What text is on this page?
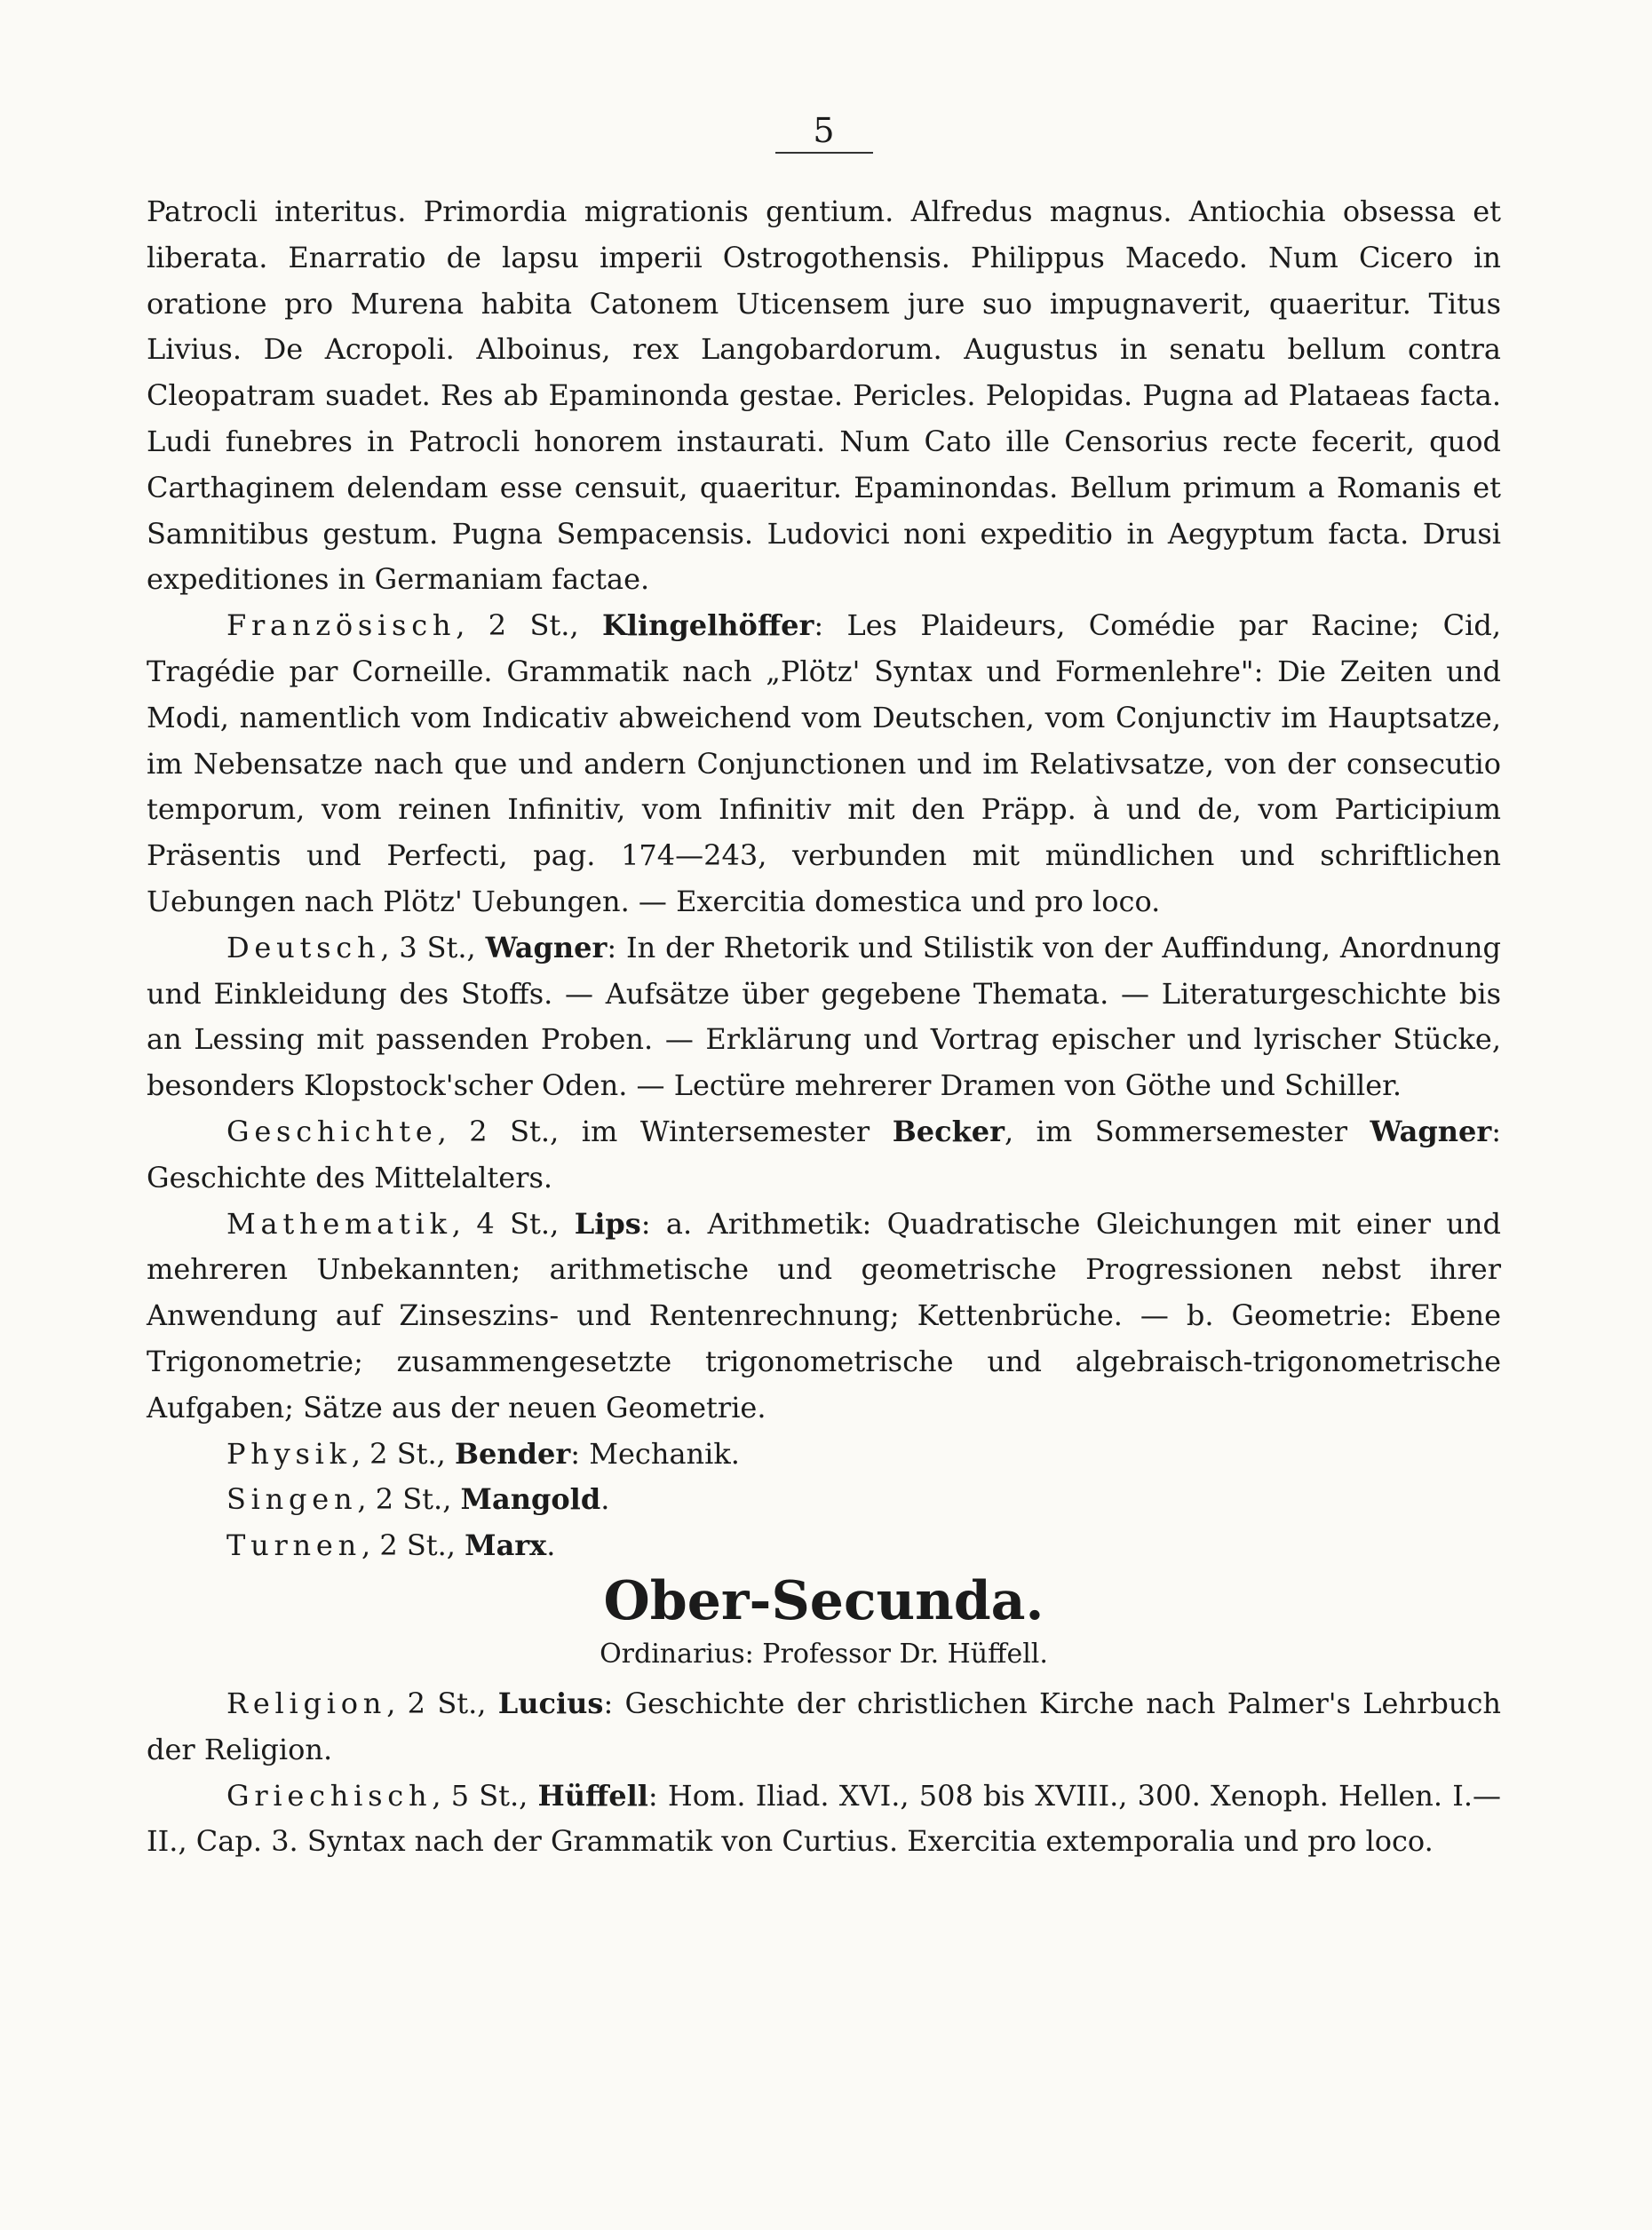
5

Patrocli interitus. Primordia migrationis gentium. Alfredus magnus. Antiochia obsessa et liberata. Enarratio de lapsu imperii Ostrogothensis. Philippus Macedo. Num Cicero in oratione pro Murena habita Catonem Uticensem jure suo impugnaverit, quaeritur. Titus Livius. De Acropoli. Alboinus, rex Langobardorum. Augustus in senatu bellum contra Cleopatram suadet. Res ab Epaminonda gestae. Pericles. Pelopidas. Pugna ad Plataeas facta. Ludi funebres in Patrocli honorem instaurati. Num Cato ille Censorius recte fecerit, quod Carthaginem delendam esse censuit, quaeritur. Epaminondas. Bellum primum a Romanis et Samnitibus gestum. Pugna Sempacensis. Ludovici noni expeditio in Aegyptum facta. Drusi expeditiones in Germaniam factae.

Französisch, 2 St., Klingelhöffer: Les Plaideurs, Comédie par Racine; Cid, Tragédie par Corneille. Grammatik nach „Plötz' Syntax und Formenlehre": Die Zeiten und Modi, namentlich vom Indicativ abweichend vom Deutschen, vom Conjunctiv im Hauptsatze, im Nebensatze nach que und andern Conjunctionen und im Relativsatze, von der consecutio temporum, vom reinen Infinitiv, vom Infinitiv mit den Präpp. à und de, vom Participium Präsentis und Perfecti, pag. 174—243, verbunden mit mündlichen und schriftlichen Uebungen nach Plötz' Uebungen. — Exercitia domestica und pro loco.

Deutsch, 3 St., Wagner: In der Rhetorik und Stilistik von der Auffindung, Anordnung und Einkleidung des Stoffs. — Aufsätze über gegebene Themata. — Literaturgeschichte bis an Lessing mit passenden Proben. — Erklärung und Vortrag epischer und lyrischer Stücke, besonders Klopstock'scher Oden. — Lectüre mehrerer Dramen von Göthe und Schiller.

Geschichte, 2 St., im Wintersemester Becker, im Sommersemester Wagner: Geschichte des Mittelalters.

Mathematik, 4 St., Lips: a. Arithmetik: Quadratische Gleichungen mit einer und mehreren Unbekannten; arithmetische und geometrische Progressionen nebst ihrer Anwendung auf Zinseszins- und Rentenrechnung; Kettenbrüche. — b. Geometrie: Ebene Trigonometrie; zusammengesetzte trigonometrische und algebraisch-trigonometrische Aufgaben; Sätze aus der neuen Geometrie.

Physik, 2 St., Bender: Mechanik.

Singen, 2 St., Mangold.

Turnen, 2 St., Marx.

Ober-Secunda.

Ordinarius: Professor Dr. Hüffell.

Religion, 2 St., Lucius: Geschichte der christlichen Kirche nach Palmer's Lehrbuch der Religion.

Griechisch, 5 St., Hüffell: Hom. Iliad. XVI., 508 bis XVIII., 300. Xenoph. Hellen. I.—II., Cap. 3. Syntax nach der Grammatik von Curtius. Exercitia extemporalia und pro loco.
